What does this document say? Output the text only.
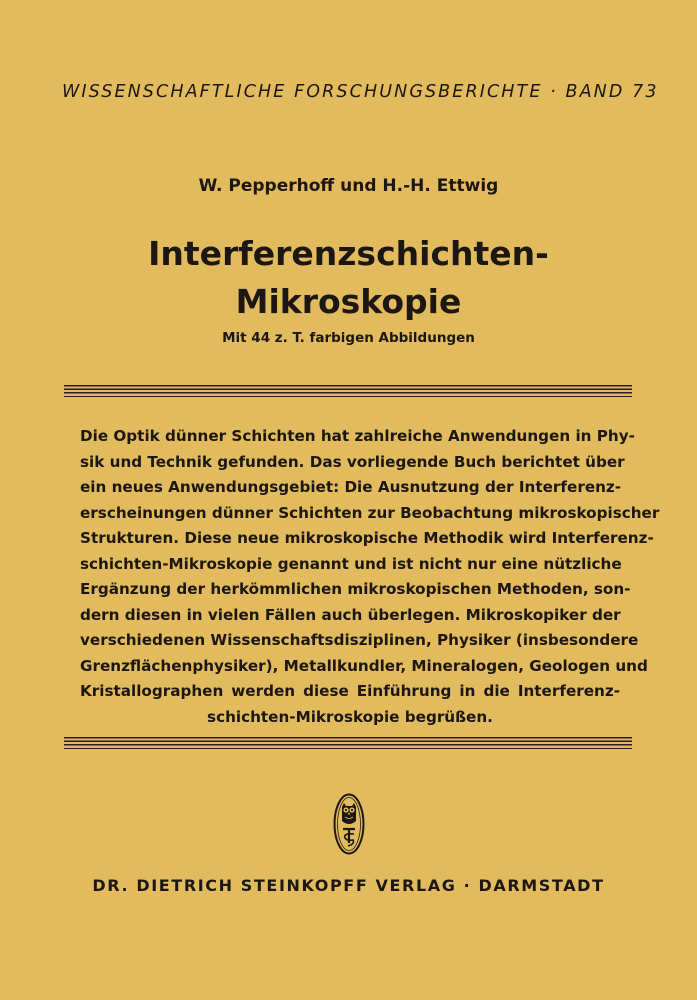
WISSENSCHAFTLICHE FORSCHUNGSBERICHTE · BAND 73
W. Pepperhoff und H.-H. Ettwig
Interferenzschichten-
Mikroskopie
Mit 44 z. T. farbigen Abbildungen
Die Optik dünner Schichten hat zahlreiche Anwendungen in Phy-
sik und Technik gefunden. Das vorliegende Buch berichtet über
ein neues Anwendungsgebiet: Die Ausnutzung der Interferenz-
erscheinungen dünner Schichten zur Beobachtung mikroskopischer
Strukturen. Diese neue mikroskopische Methodik wird Interferenz-
schichten-Mikroskopie genannt und ist nicht nur eine nützliche
Ergänzung der herkömmlichen mikroskopischen Methoden, son-
dern diesen in vielen Fällen auch überlegen. Mikroskopiker der
verschiedenen Wissenschaftsdisziplinen, Physiker (insbesondere
Grenzflächenphysiker), Metallkundler, Mineralogen, Geologen und
Kristallographen werden diese Einführung in die Interferenz-
schichten-Mikroskopie begrüßen.
DR. DIETRICH STEINKOPFF VERLAG · DARMSTADT
